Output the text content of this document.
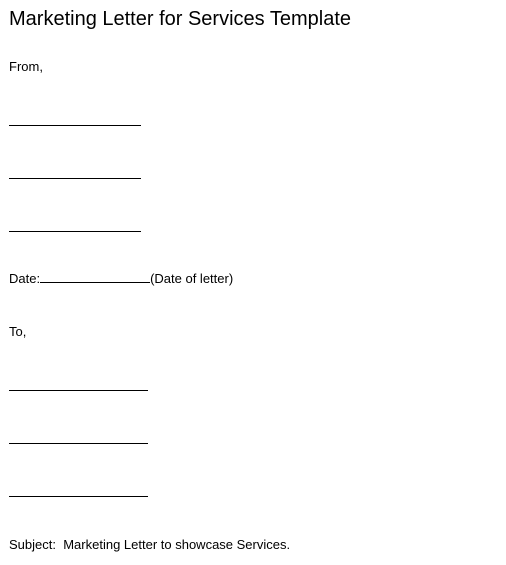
Marketing Letter for Services Template
From,
Date:	(Date of letter)
To,
Subject: Marketing Letter to showcase Services.
